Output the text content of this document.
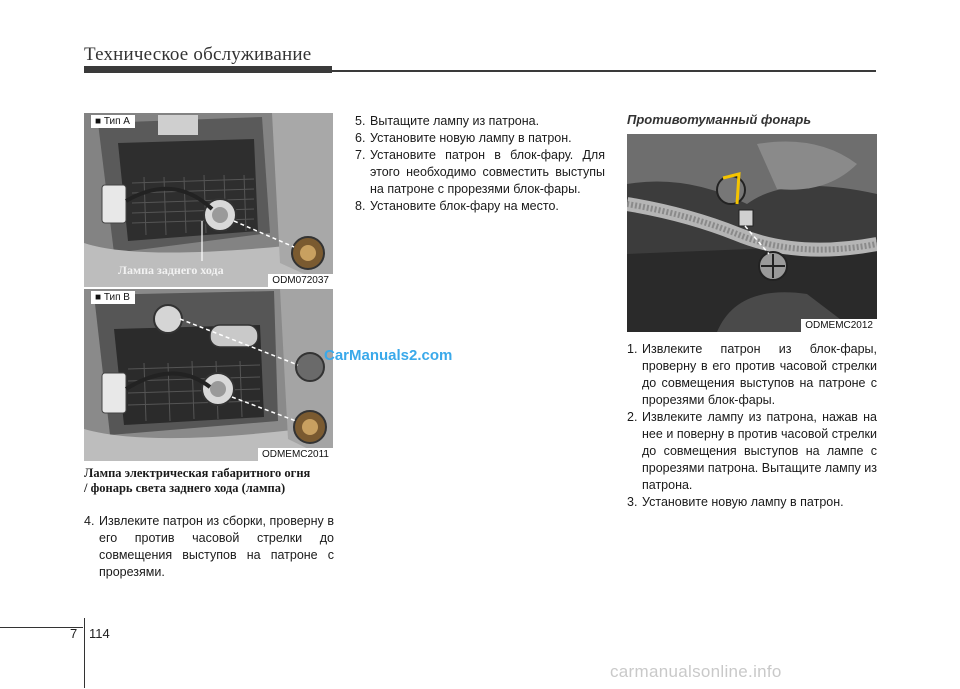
Техническое обслуживание
■ Тип A
Лампа заднего хода
ODM072037
■ Тип B
ODMEMC2011
Лампа электрическая габаритного огня / фонарь света заднего хода (лампа)
4. Извлеките патрон из сборки, проверну в его против часовой стрелки до совмещения выступов на патроне с прорезями.
5. Вытащите лампу из патрона.
6. Установите новую лампу в патрон.
7. Установите патрон в блок-фару. Для этого необходимо совместить выступы на патроне с прорезями блок-фары.
8. Установите блок-фару на место.
Противотуманный фонарь
ODMEMC2012
1. Извлеките патрон из блок-фары, проверну в его против часовой стрелки до совмещения выступов на патроне с прорезями блок-фары.
2. Извлеките лампу из патрона, нажав на нее и поверну в против часовой стрелки до совмещения выступов на лампе с прорезями патрона. Вытащите лампу из патрона.
3. Установите новую лампу в патрон.
7 114
CarManuals2.com
carmanualsonline.info
